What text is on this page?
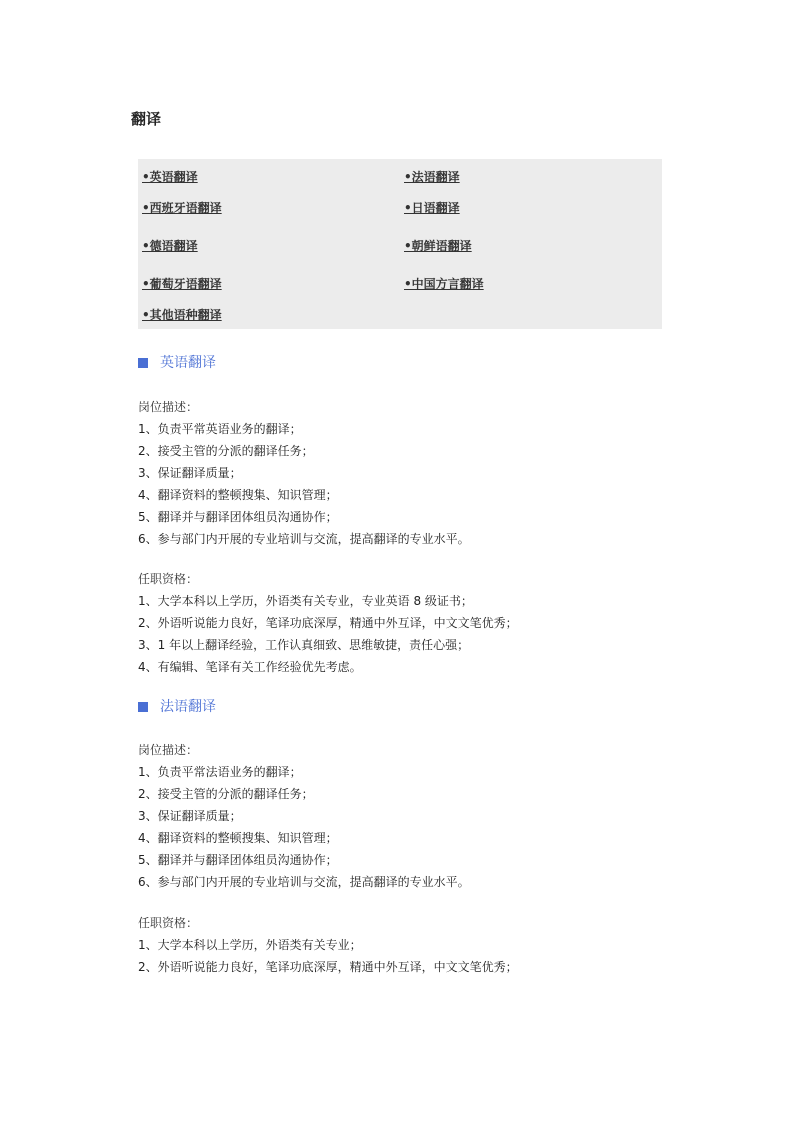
翻译
•英语翻译	•法语翻译
•西班牙语翻译	•日语翻译
•德语翻译	•朝鲜语翻译
•葡萄牙语翻译	•中国方言翻译
•其他语种翻译
英语翻译
岗位描述：
1、负责平常英语业务的翻译；
2、接受主管的分派的翻译任务；
3、保证翻译质量；
4、翻译资料的整顿搜集、知识管理；
5、翻译并与翻译团体组员沟通协作；
6、参与部门内开展的专业培训与交流，提高翻译的专业水平。
任职资格：
1、大学本科以上学历，外语类有关专业，专业英语 8 级证书；
2、外语听说能力良好，笔译功底深厚，精通中外互译，中文文笔优秀；
3、1 年以上翻译经验，工作认真细致、思维敏捷，责任心强；
4、有编辑、笔译有关工作经验优先考虑。
法语翻译
岗位描述：
1、负责平常法语业务的翻译；
2、接受主管的分派的翻译任务；
3、保证翻译质量；
4、翻译资料的整顿搜集、知识管理；
5、翻译并与翻译团体组员沟通协作；
6、参与部门内开展的专业培训与交流，提高翻译的专业水平。
任职资格：
1、大学本科以上学历，外语类有关专业；
2、外语听说能力良好，笔译功底深厚，精通中外互译，中文文笔优秀；
